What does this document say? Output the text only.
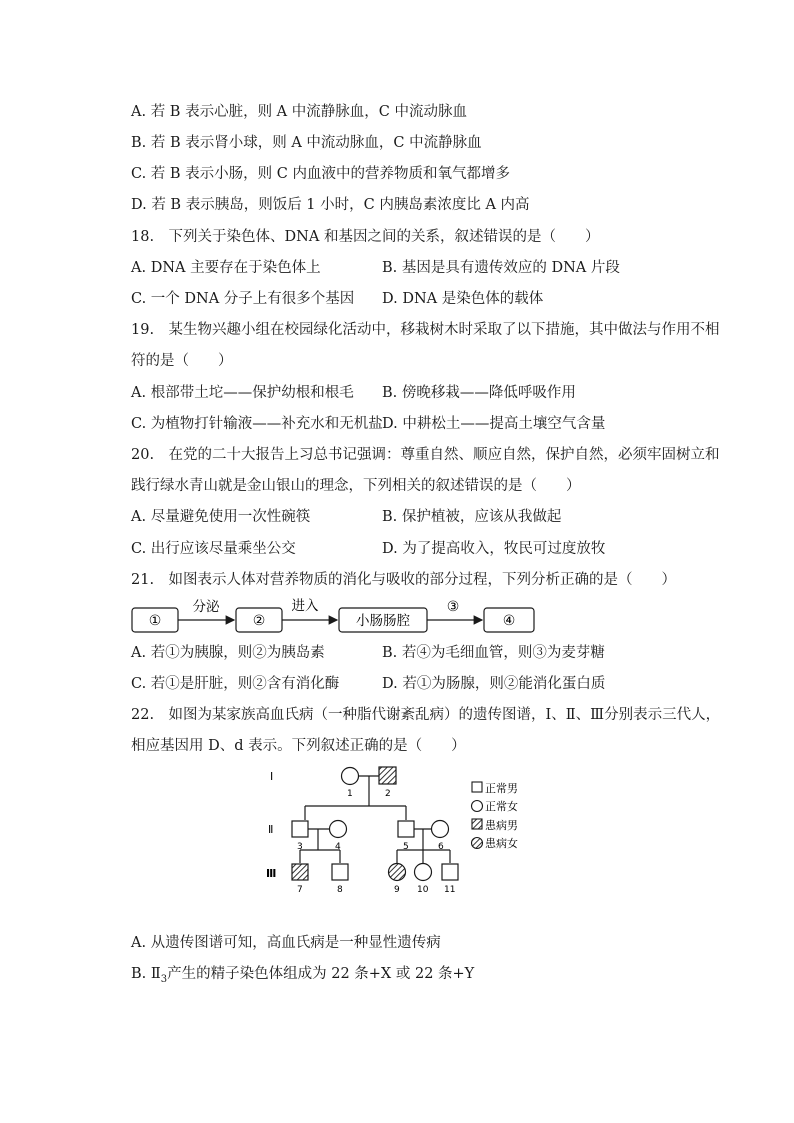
A. 若 B 表示心脏，则 A 中流静脉血，C 中流动脉血
B. 若 B 表示肾小球，则 A 中流动脉血，C 中流静脉血
C. 若 B 表示小肠，则 C 内血液中的营养物质和氧气都增多
D. 若 B 表示胰岛，则饭后 1 小时，C 内胰岛素浓度比 A 内高
18.　下列关于染色体、DNA 和基因之间的关系，叙述错误的是（　　）
A. DNA 主要存在于染色体上	B. 基因是具有遗传效应的 DNA 片段
C. 一个 DNA 分子上有很多个基因 D. DNA 是染色体的载体
19.　某生物兴趣小组在校园绿化活动中，移栽树木时采取了以下措施，其中做法与作用不相
符的是（　　）
A. 根部带土坨——保护幼根和根毛 B. 傍晚移栽——降低呼吸作用
C. 为植物打针输液——补充水和无机盐 D. 中耕松土——提高土壤空气含量
20.　在党的二十大报告上习总书记强调：尊重自然、顺应自然，保护自然，必须牢固树立和
践行绿水青山就是金山银山的理念，下列相关的叙述错误的是（　　）
A. 尽量避免使用一次性碗筷	B. 保护植被，应该从我做起
C. 出行应该尽量乘坐公交	D. 为了提高收入，牧民可过度放牧
21.　如图表示人体对营养物质的消化与吸收的部分过程，下列分析正确的是（　　）
①
分泌
②
进入
小肠肠腔
③
④
A. 若①为胰腺，则②为胰岛素	B. 若④为毛细血管，则③为麦芽糖
C. 若①是肝脏，则②含有消化酶	D. 若①为肠腺，则②能消化蛋白质
22.　如图为某家族高血氏病（一种脂代谢紊乱病）的遗传图谱，Ⅰ、Ⅱ、Ⅲ分别表示三代人，
相应基因用 D、d 表示。下列叙述正确的是（　　）
Ⅰ
Ⅱ
Ⅲ
1	2
3	4	5	6
7	8	9 10 11
正常男
正常女
患病男
患病女
A. 从遗传图谱可知，高血氏病是一种显性遗传病
B. $Ⅱ_3$产生的精子染色体组成为 22 条+X 或 22 条+Y
